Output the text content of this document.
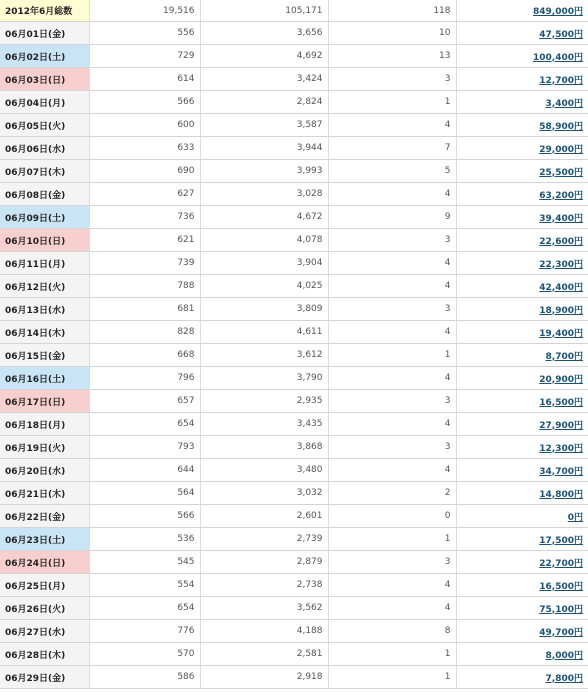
2012年6月総数	19,516	105,171	118	849,000円
06月01日(金)	556	3,656	10	47,500円
06月02日(土)	729	4,692	13	100,400円
06月03日(日)	614	3,424	3	12,700円
06月04日(月)	566	2,824	1	3,400円
06月05日(火)	600	3,587	4	58,900円
06月06日(水)	633	3,944	7	29,000円
06月07日(木)	690	3,993	5	25,500円
06月08日(金)	627	3,028	4	63,200円
06月09日(土)	736	4,672	9	39,400円
06月10日(日)	621	4,078	3	22,600円
06月11日(月)	739	3,904	4	22,300円
06月12日(火)	788	4,025	4	42,400円
06月13日(水)	681	3,809	3	18,900円
06月14日(木)	828	4,611	4	19,400円
06月15日(金)	668	3,612	1	8,700円
06月16日(土)	796	3,790	4	20,900円
06月17日(日)	657	2,935	3	16,500円
06月18日(月)	654	3,435	4	27,900円
06月19日(火)	793	3,868	3	12,300円
06月20日(水)	644	3,480	4	34,700円
06月21日(木)	564	3,032	2	14,800円
06月22日(金)	566	2,601	0	0円
06月23日(土)	536	2,739	1	17,500円
06月24日(日)	545	2,879	3	22,700円
06月25日(月)	554	2,738	4	16,500円
06月26日(火)	654	3,562	4	75,100円
06月27日(水)	776	4,188	8	49,700円
06月28日(木)	570	2,581	1	8,000円
06月29日(金)	586	2,918	1	7,800円
